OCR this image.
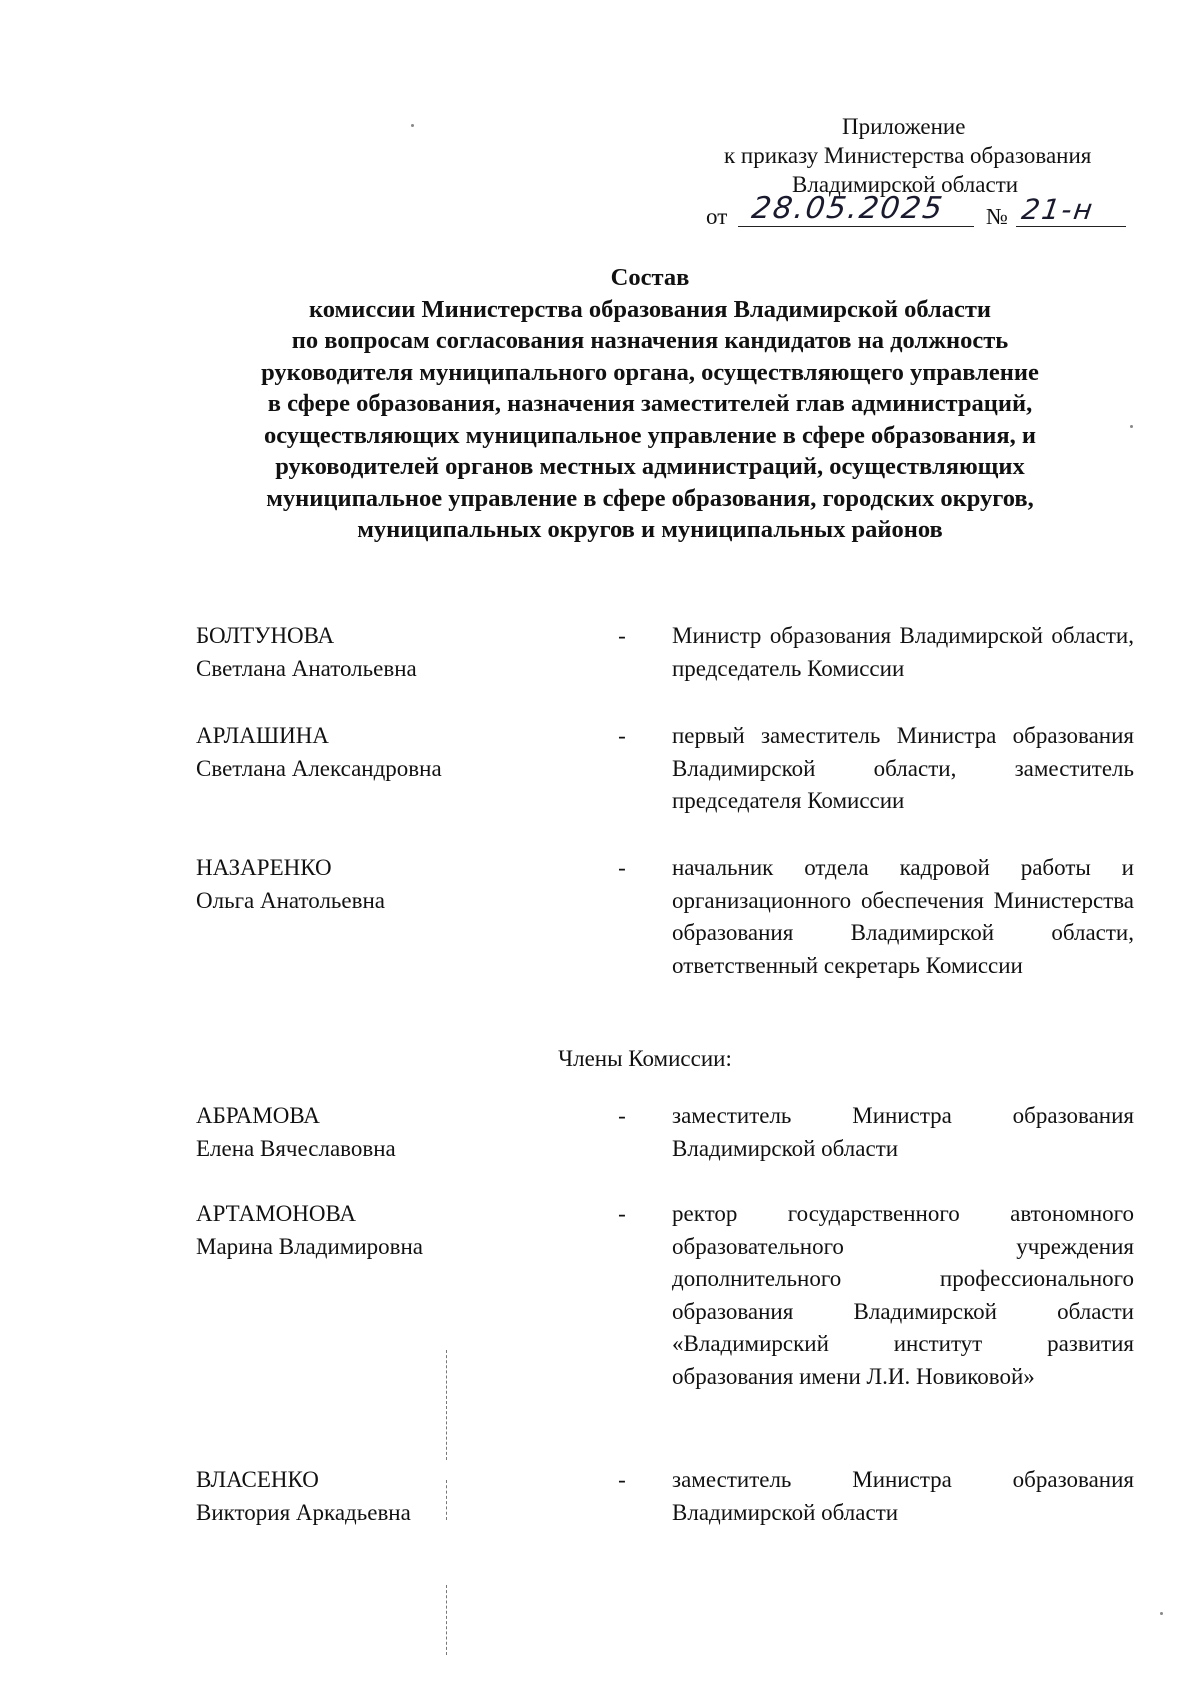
Приложение
к приказу Министерства образования
Владимирской области
от 28.05.2025 № 21-н
Состав
комиссии Министерства образования Владимирской области
по вопросам согласования назначения кандидатов на должность
руководителя муниципального органа, осуществляющего управление
в сфере образования, назначения заместителей глав администраций,
осуществляющих муниципальное управление в сфере образования, и
руководителей органов местных администраций, осуществляющих
муниципальное управление в сфере образования, городских округов,
муниципальных округов и муниципальных районов
БОЛТУНОВА
Светлана Анатольевна
- Министр образования Владимирской области, председатель Комиссии
АРЛАШИНА
Светлана Александровна
- первый заместитель Министра образования Владимирской области, заместитель председателя Комиссии
НАЗАРЕНКО
Ольга Анатольевна
- начальник отдела кадровой работы и организационного обеспечения Министерства образования Владимирской области, ответственный секретарь Комиссии
Члены Комиссии:
АБРАМОВА
Елена Вячеславовна
- заместитель Министра образования Владимирской области
АРТАМОНОВА
Марина Владимировна
- ректор государственного автономного образовательного учреждения дополнительного профессионального образования Владимирской области «Владимирский институт развития образования имени Л.И. Новиковой»
ВЛАСЕНКО
Виктория Аркадьевна
- заместитель Министра образования Владимирской области
